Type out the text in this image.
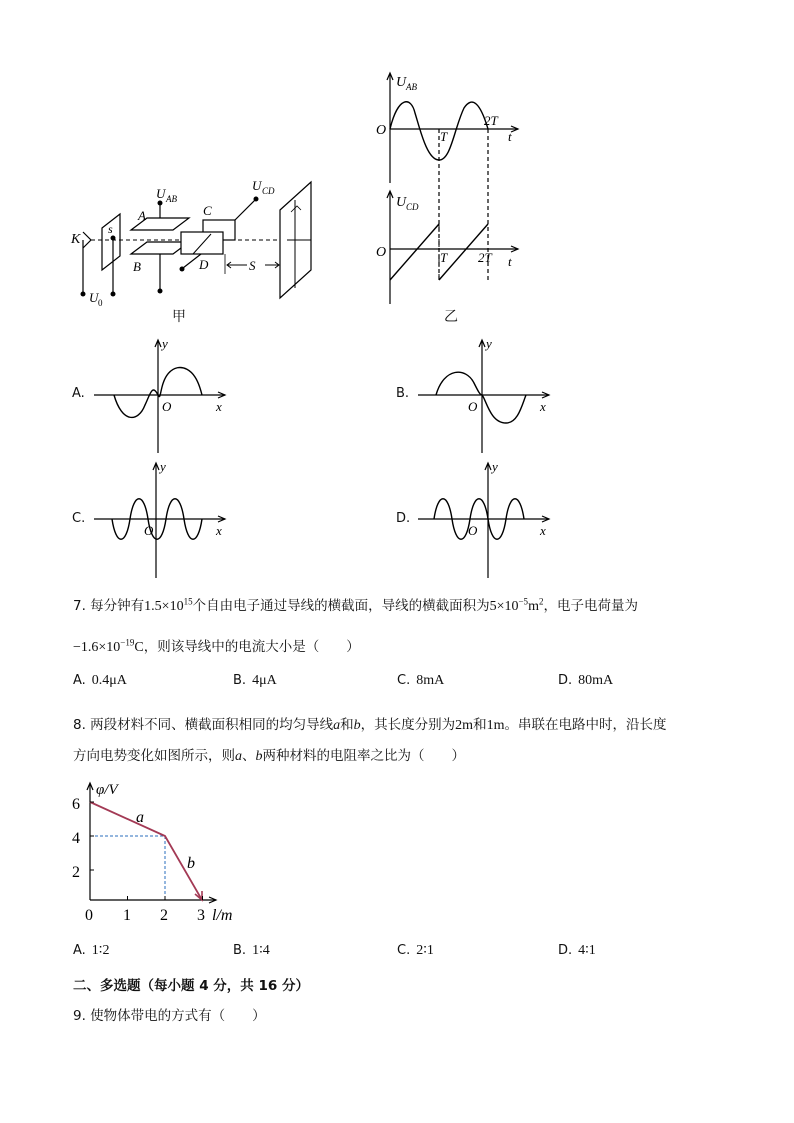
K
s
U 0
U AB
U CD
A
B
C
D	S
甲
U AB
O	T
2T
t
U CD
O	T 2T t
乙
A.
y
x
O
B.
y
x
O
C.
y
x
O
D.
y
x
O
7. 每分钟有$1.5\times 10^{15}$个自由电子通过导线的横截面，导线的横截面积为$5\times 10^{-5}m^2$，电子电荷量为
$-1.6\times 10^{-19}C$，则该导线中的电流大小是（　　）
A. 0.4μA	B. 4μA	C. 8mA	D. 80mA
8. 两段材料不同、横截面积相同的均匀导线a和b，其长度分别为2m和1m。串联在电路中时，沿长度
方向电势变化如图所示，则a、b两种材料的电阻率之比为（　　）
φ/V
6
4
2
0 1 2 3 l/m
a
b
A. 1∶2	B. 1∶4	C. 2∶1	D. 4∶1
二、多选题（每小题 4 分，共 16 分）
9. 使物体带电的方式有（　　）
